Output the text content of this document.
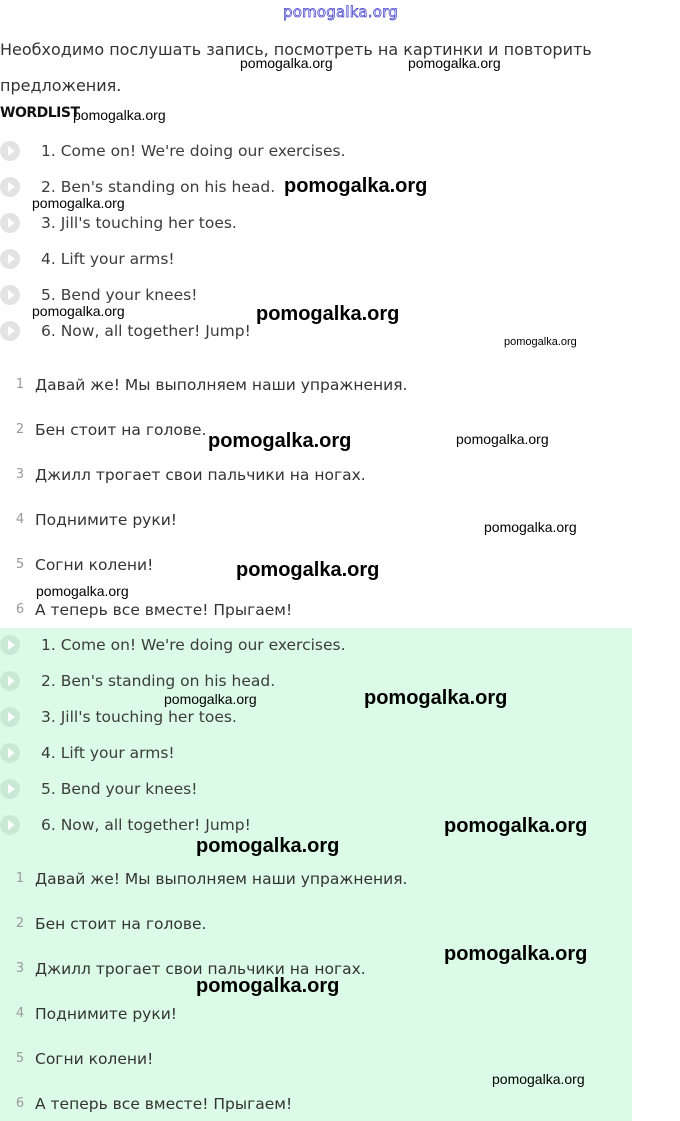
pomogalka.org
Необходимо послушать запись, посмотреть на картинки и повторить предложения.
WORDLIST
1. Come on! We're doing our exercises.
2. Ben's standing on his head.
3. Jill's touching her toes.
4. Lift your arms!
5. Bend your knees!
6. Now, all together! Jump!
1 Давай же! Мы выполняем наши упражнения.
2 Бен стоит на голове.
3 Джилл трогает свои пальчики на ногах.
4 Поднимите руки!
5 Согни колени!
6 А теперь все вместе! Прыгаем!
1. Come on! We're doing our exercises.
2. Ben's standing on his head.
3. Jill's touching her toes.
4. Lift your arms!
5. Bend your knees!
6. Now, all together! Jump!
1 Давай же! Мы выполняем наши упражнения.
2 Бен стоит на голове.
3 Джилл трогает свои пальчики на ногах.
4 Поднимите руки!
5 Согни колени!
6 А теперь все вместе! Прыгаем!
pomogalka.org	pomogalka.org
pomogalka.org
pomogalka.org
pomogalka.org
pomogalka.org	pomogalka.org
pomogalka.org
pomogalka.org	pomogalka.org
pomogalka.org
pomogalka.org
pomogalka.org
pomogalka.org	pomogalka.org
pomogalka.org
pomogalka.org
pomogalka.org
pomogalka.org
pomogalka.org
